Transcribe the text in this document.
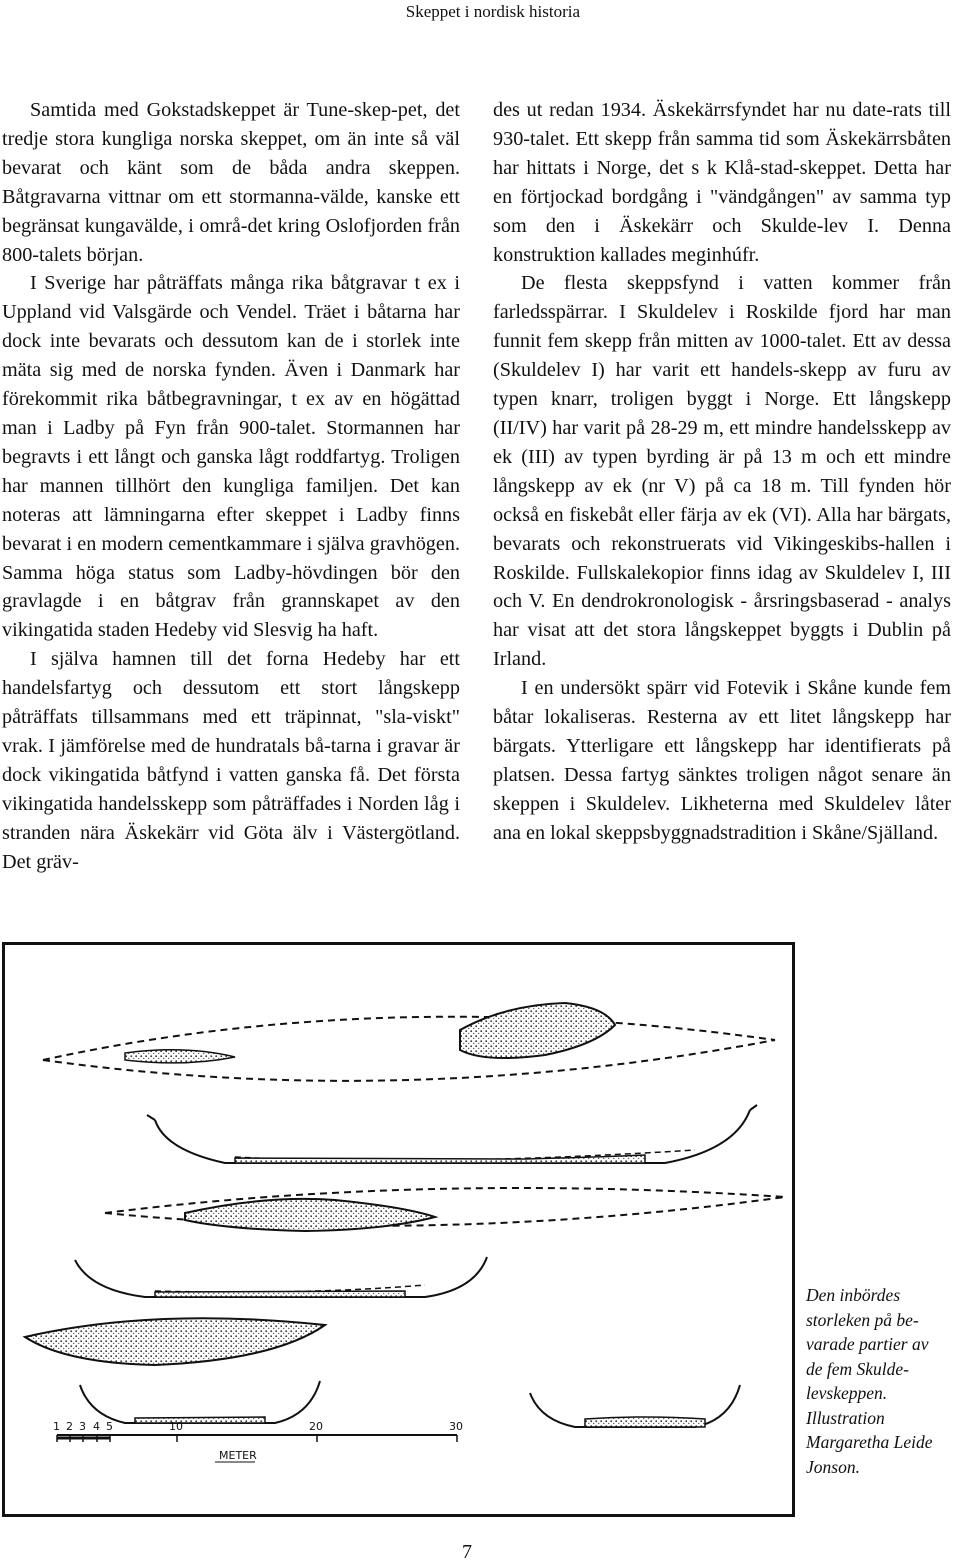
Skeppet i nordisk historia

Samtida med Gokstadskeppet är Tune-skep-pet, det tredje stora kungliga norska skeppet, om än inte så väl bevarat och känt som de båda andra skeppen. Båtgravarna vittnar om ett stormanna-välde, kanske ett begränsat kungavälde, i områ-det kring Oslofjorden från 800-talets början.

I Sverige har påträffats många rika båtgravar t ex i Uppland vid Valsgärde och Vendel. Träet i båtarna har dock inte bevarats och dessutom kan de i storlek inte mäta sig med de norska fynden. Även i Danmark har förekommit rika båtbegravningar, t ex av en högättad man i Ladby på Fyn från 900-talet. Stormannen har begravts i ett långt och ganska lågt roddfartyg. Troligen har mannen tillhört den kungliga familjen. Det kan noteras att lämningarna efter skeppet i Ladby finns bevarat i en modern cementkammare i själva gravhögen. Samma höga status som Ladby-hövdingen bör den gravlagde i en båtgrav från grannskapet av den vikingatida staden Hedeby vid Slesvig ha haft.

I själva hamnen till det forna Hedeby har ett handelsfartyg och dessutom ett stort långskepp påträffats tillsammans med ett träpinnat, "sla-viskt" vrak. I jämförelse med de hundratals bå-tarna i gravar är dock vikingatida båtfynd i vatten ganska få. Det första vikingatida handelsskepp som påträffades i Norden låg i stranden nära Äskekärr vid Göta älv i Västergötland. Det gräv-

des ut redan 1934. Äskekärrsfyndet har nu date-rats till 930-talet. Ett skepp från samma tid som Äskekärrsbåten har hittats i Norge, det s k Klå-stad-skeppet. Detta har en förtjockad bordgång i "vändgången" av samma typ som den i Äskekärr och Skulde-lev I. Denna konstruktion kallades meginhúfr.

De flesta skeppsfynd i vatten kommer från farledsspärrar. I Skuldelev i Roskilde fjord har man funnit fem skepp från mitten av 1000-talet. Ett av dessa (Skuldelev I) har varit ett handels-skepp av furu av typen knarr, troligen byggt i Norge. Ett långskepp (II/IV) har varit på 28-29 m, ett mindre handelsskepp av ek (III) av typen byrding är på 13 m och ett mindre långskepp av ek (nr V) på ca 18 m. Till fynden hör också en fiskebåt eller färja av ek (VI). Alla har bärgats, bevarats och rekonstruerats vid Vikingeskibs-hallen i Roskilde. Fullskalekopior finns idag av Skuldelev I, III och V. En dendrokronologisk - årsringsbaserad - analys har visat att det stora långskeppet byggts i Dublin på Irland.

I en undersökt spärr vid Fotevik i Skåne kunde fem båtar lokaliseras. Resterna av ett litet långskepp har bärgats. Ytterligare ett långskepp har identifierats på platsen. Dessa fartyg sänktes troligen något senare än skeppen i Skuldelev. Likheterna med Skuldelev låter ana en lokal skeppsbyggnadstradition i Skåne/Själland.

1 2 3 4 5	10	20	30
METER
Den inbördes
storleken på be-
varade partier av
de fem Skulde-
levskeppen.
Illustration
Margaretha Leide
Jonson.
7
